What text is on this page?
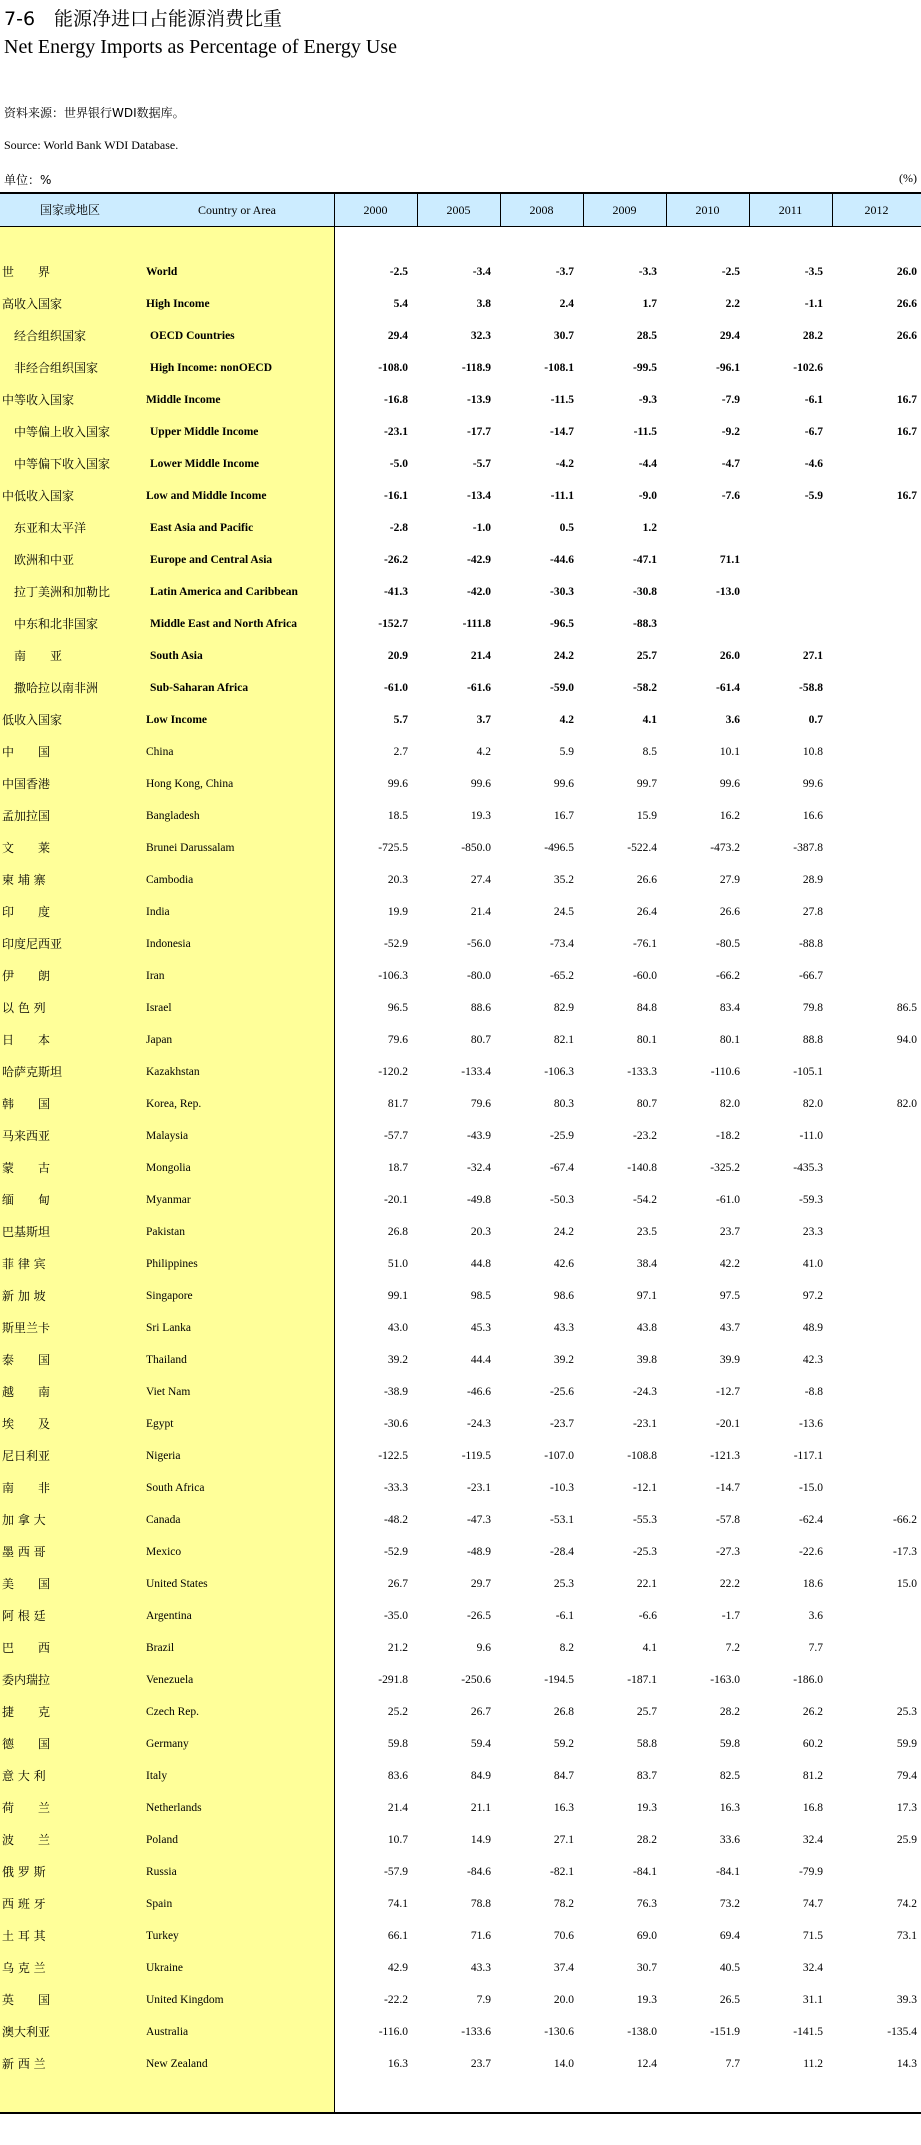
7-6　能源净进口占能源消费比重
Net Energy Imports as Percentage of Energy Use
资料来源：世界银行WDI数据库。
Source: World Bank WDI Database.
单位：%	(%)
国家或地区	Country or Area	2000	2005	2008	2009	2010	2011	2012
世　　界	World	-2.5	-3.4	-3.7	-3.3	-2.5	-3.5	26.0
高收入国家	High Income	5.4	3.8	2.4	1.7	2.2	-1.1	26.6
经合组织国家	OECD Countries	29.4	32.3	30.7	28.5	29.4	28.2	26.6
非经合组织国家	High Income: nonOECD	-108.0	-118.9	-108.1	-99.5	-96.1	-102.6
中等收入国家	Middle Income	-16.8	-13.9	-11.5	-9.3	-7.9	-6.1	16.7
中等偏上收入国家	Upper Middle Income	-23.1	-17.7	-14.7	-11.5	-9.2	-6.7	16.7
中等偏下收入国家	Lower Middle Income	-5.0	-5.7	-4.2	-4.4	-4.7	-4.6
中低收入国家	Low and Middle Income	-16.1	-13.4	-11.1	-9.0	-7.6	-5.9	16.7
东亚和太平洋	East Asia and Pacific	-2.8	-1.0	0.5	1.2
欧洲和中亚	Europe and Central Asia	-26.2	-42.9	-44.6	-47.1	71.1
拉丁美洲和加勒比	Latin America and Caribbean	-41.3	-42.0	-30.3	-30.8	-13.0
中东和北非国家	Middle East and North Africa	-152.7	-111.8	-96.5	-88.3
南　　亚	South Asia	20.9	21.4	24.2	25.7	26.0	27.1
撒哈拉以南非洲	Sub-Saharan Africa	-61.0	-61.6	-59.0	-58.2	-61.4	-58.8
低收入国家	Low Income	5.7	3.7	4.2	4.1	3.6	0.7
中　　国	China	2.7	4.2	5.9	8.5	10.1	10.8
中国香港	Hong Kong, China	99.6	99.6	99.6	99.7	99.6	99.6
孟加拉国	Bangladesh	18.5	19.3	16.7	15.9	16.2	16.6
文　　莱	Brunei Darussalam	-725.5	-850.0	-496.5	-522.4	-473.2	-387.8
柬 埔 寨	Cambodia	20.3	27.4	35.2	26.6	27.9	28.9
印　　度	India	19.9	21.4	24.5	26.4	26.6	27.8
印度尼西亚	Indonesia	-52.9	-56.0	-73.4	-76.1	-80.5	-88.8
伊　　朗	Iran	-106.3	-80.0	-65.2	-60.0	-66.2	-66.7
以 色 列	Israel	96.5	88.6	82.9	84.8	83.4	79.8	86.5
日　　本	Japan	79.6	80.7	82.1	80.1	80.1	88.8	94.0
哈萨克斯坦	Kazakhstan	-120.2	-133.4	-106.3	-133.3	-110.6	-105.1
韩　　国	Korea, Rep.	81.7	79.6	80.3	80.7	82.0	82.0	82.0
马来西亚	Malaysia	-57.7	-43.9	-25.9	-23.2	-18.2	-11.0
蒙　　古	Mongolia	18.7	-32.4	-67.4	-140.8	-325.2	-435.3
缅　　甸	Myanmar	-20.1	-49.8	-50.3	-54.2	-61.0	-59.3
巴基斯坦	Pakistan	26.8	20.3	24.2	23.5	23.7	23.3
菲 律 宾	Philippines	51.0	44.8	42.6	38.4	42.2	41.0
新 加 坡	Singapore	99.1	98.5	98.6	97.1	97.5	97.2
斯里兰卡	Sri Lanka	43.0	45.3	43.3	43.8	43.7	48.9
泰　　国	Thailand	39.2	44.4	39.2	39.8	39.9	42.3
越　　南	Viet Nam	-38.9	-46.6	-25.6	-24.3	-12.7	-8.8
埃　　及	Egypt	-30.6	-24.3	-23.7	-23.1	-20.1	-13.6
尼日利亚	Nigeria	-122.5	-119.5	-107.0	-108.8	-121.3	-117.1
南　　非	South Africa	-33.3	-23.1	-10.3	-12.1	-14.7	-15.0
加 拿 大	Canada	-48.2	-47.3	-53.1	-55.3	-57.8	-62.4	-66.2
墨 西 哥	Mexico	-52.9	-48.9	-28.4	-25.3	-27.3	-22.6	-17.3
美　　国	United States	26.7	29.7	25.3	22.1	22.2	18.6	15.0
阿 根 廷	Argentina	-35.0	-26.5	-6.1	-6.6	-1.7	3.6
巴　　西	Brazil	21.2	9.6	8.2	4.1	7.2	7.7
委内瑞拉	Venezuela	-291.8	-250.6	-194.5	-187.1	-163.0	-186.0
捷　　克	Czech Rep.	25.2	26.7	26.8	25.7	28.2	26.2	25.3
德　　国	Germany	59.8	59.4	59.2	58.8	59.8	60.2	59.9
意 大 利	Italy	83.6	84.9	84.7	83.7	82.5	81.2	79.4
荷　　兰	Netherlands	21.4	21.1	16.3	19.3	16.3	16.8	17.3
波　　兰	Poland	10.7	14.9	27.1	28.2	33.6	32.4	25.9
俄 罗 斯	Russia	-57.9	-84.6	-82.1	-84.1	-84.1	-79.9
西 班 牙	Spain	74.1	78.8	78.2	76.3	73.2	74.7	74.2
土 耳 其	Turkey	66.1	71.6	70.6	69.0	69.4	71.5	73.1
乌 克 兰	Ukraine	42.9	43.3	37.4	30.7	40.5	32.4
英　　国	United Kingdom	-22.2	7.9	20.0	19.3	26.5	31.1	39.3
澳大利亚	Australia	-116.0	-133.6	-130.6	-138.0	-151.9	-141.5	-135.4
新 西 兰	New Zealand	16.3	23.7	14.0	12.4	7.7	11.2	14.3
